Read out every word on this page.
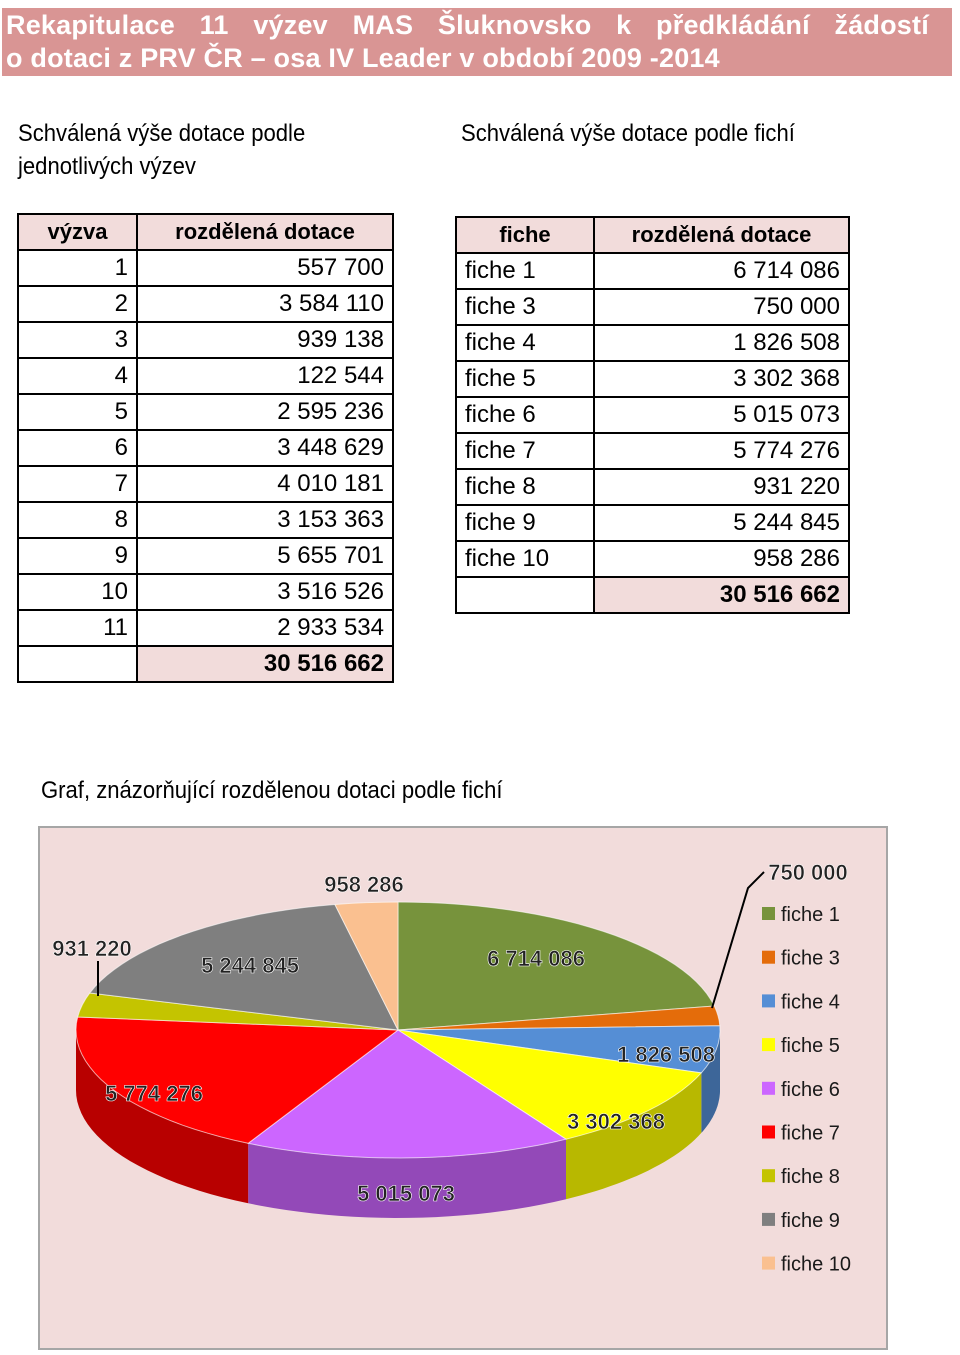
Rekapitulace 11 výzev MAS Šluknovsko k předkládání žádostí
o dotaci z PRV ČR – osa IV Leader v období 2009 -2014
Schválená výše dotace podle
jednotlivých výzev
Schválená výše dotace podle fichí
výzva	rozdělená dotace
1	557 700
2	3 584 110
3	939 138
4	122 544
5	2 595 236
6	3 448 629
7	4 010 181
8	3 153 363
9	5 655 701
10	3 516 526
11	2 933 534
	30 516 662
fiche	rozdělená dotace
fiche 1	6 714 086
fiche 3	750 000
fiche 4	1 826 508
fiche 5	3 302 368
fiche 6	5 015 073
fiche 7	5 774 276
fiche 8	931 220
fiche 9	5 244 845
fiche 10	958 286
	30 516 662
Graf, znázorňující rozdělenou dotaci podle fichí
6 714 086
750 000
1 826 508
3 302 368
5 015 073
5 774 276
931 220
5 244 845
958 286
fiche 1
fiche 3
fiche 4
fiche 5
fiche 6
fiche 7
fiche 8
fiche 9
fiche 10
